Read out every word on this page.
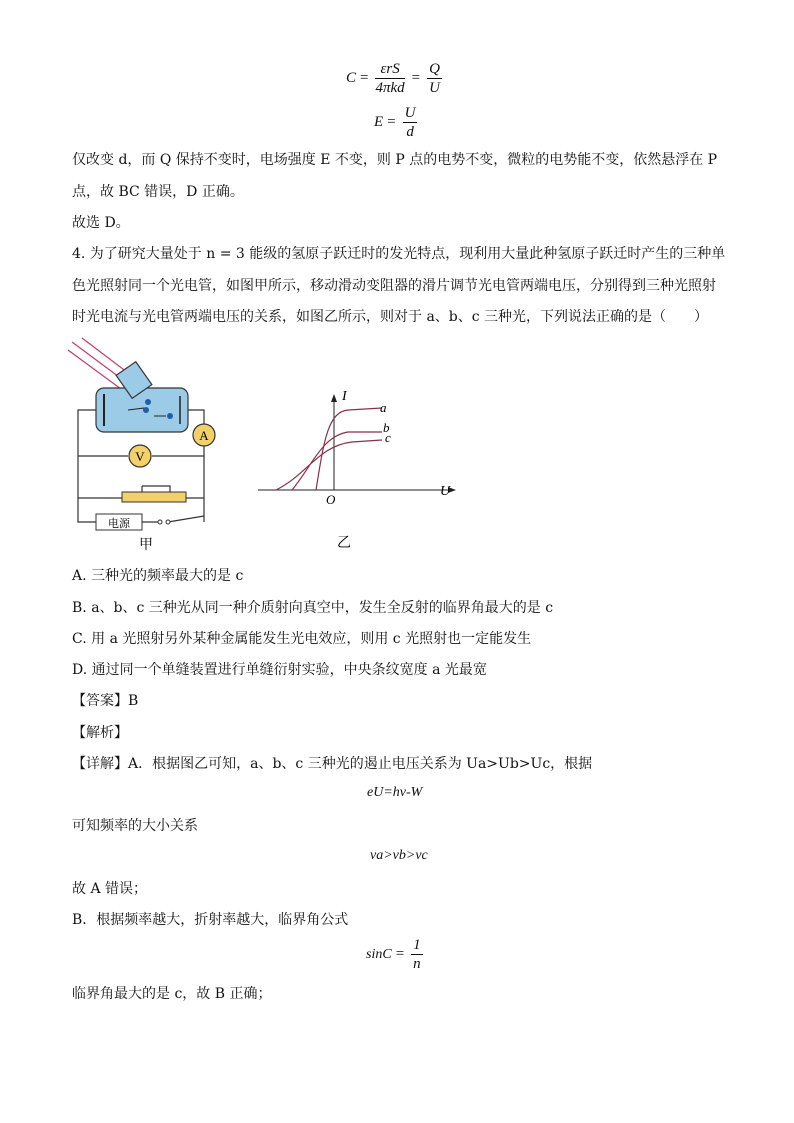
$C = \frac{\text{εrS}}{\text{4πkd}} = \frac{Q}{U}$
$E = \frac{U}{d}$
仅改变 d，而 Q 保持不变时，电场强度 E 不变，则 P 点的电势不变，微粒的电势能不变，依然悬浮在 P
点，故 BC 错误，D 正确。
故选 D。
4. 为了研究大量处于 n = 3 能级的氢原子跃迁时的发光特点，现利用大量此种氢原子跃迁时产生的三种单
色光照射同一个光电管，如图甲所示，移动滑动变阻器的滑片调节光电管两端电压，分别得到三种光照射
时光电流与光电管两端电压的关系，如图乙所示，则对于 a、b、c 三种光，下列说法正确的是（　　）
A
V
电源
甲
I
U
O
a
b
c
乙
A. 三种光的频率最大的是 c
B. a、b、c 三种光从同一种介质射向真空中，发生全反射的临界角最大的是 c
C. 用 a 光照射另外某种金属能发生光电效应，则用 c 光照射也一定能发生
D. 通过同一个单缝装置进行单缝衍射实验，中央条纹宽度 a 光最宽
【答案】B
【解析】
【详解】A．根据图乙可知，a、b、c 三种光的遏止电压关系为 Ua>Ub>Uc，根据
eU=hν-W
可知频率的大小关系
νa>νb>νc
故 A 错误；
B．根据频率越大，折射率越大，临界角公式
$\sin C = \frac{1}{n}$
临界角最大的是 c，故 B 正确；
